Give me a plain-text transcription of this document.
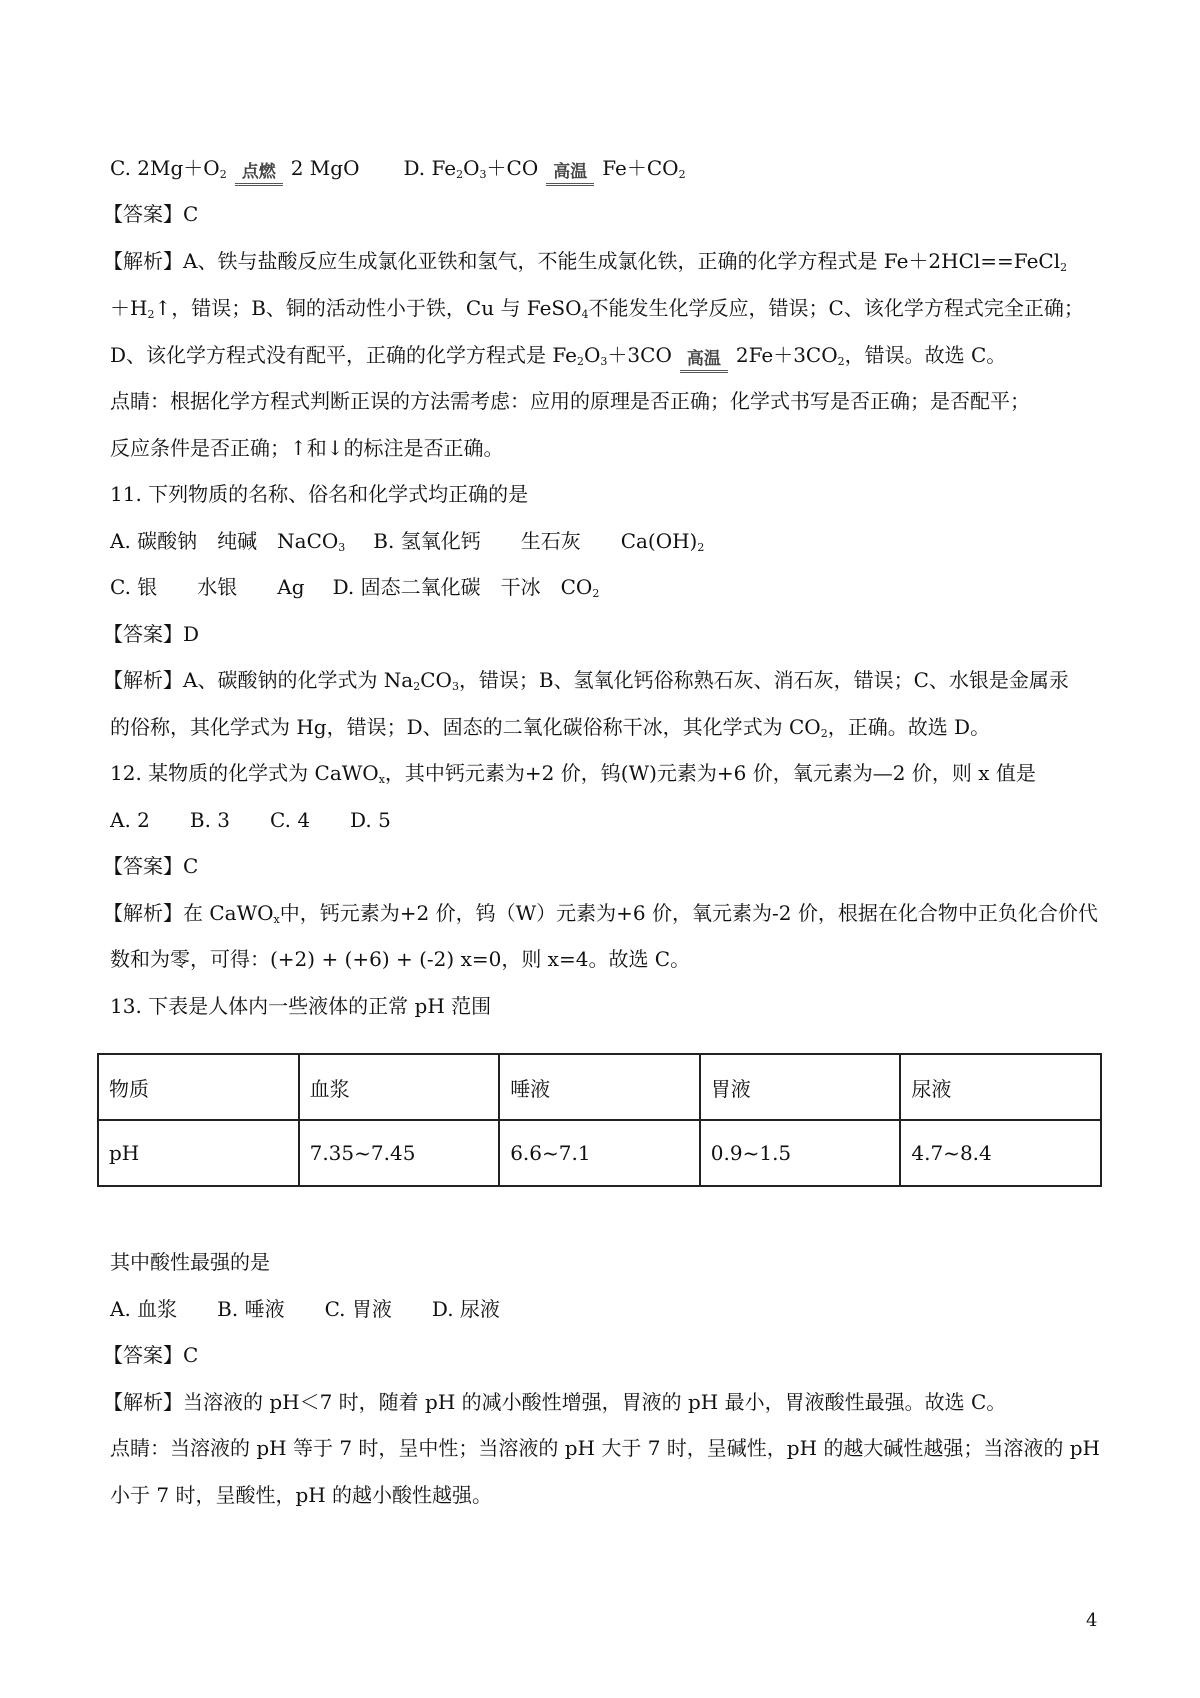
C. $2Mg+O_2$ 点燃 2 MgO D. $Fe_2O_3+CO$ 高温 $Fe+CO_2$
【答案】C
【解析】A、铁与盐酸反应生成氯化亚铁和氢气，不能生成氯化铁，正确的化学方程式是 Fe＋2HCl==FeCl$_2$
$+H_2↑$，错误；B、铜的活动性小于铁，Cu 与 FeSO$_4$不能发生化学反应，错误；C、该化学方程式完全正确；
D、该化学方程式没有配平，正确的化学方程式是 $Fe_2O_3+3CO$ 高温 $2Fe+3CO_2$，错误。故选 C。
点睛：根据化学方程式判断正误的方法需考虑：应用的原理是否正确；化学式书写是否正确；是否配平；
反应条件是否正确；↑和↓的标注是否正确。
11. 下列物质的名称、俗名和化学式均正确的是
A. 碳酸钠　纯碱　NaCO$_3$ B. 氢氧化钙　　生石灰　　$Ca(OH)_2$
C. 银　　水银　　Ag D. 固态二氧化碳　干冰　$CO_2$
【答案】D
【解析】A、碳酸钠的化学式为 $Na_2CO_3$，错误；B、氢氧化钙俗称熟石灰、消石灰，错误；C、水银是金属汞
的俗称，其化学式为 Hg，错误；D、固态的二氧化碳俗称干冰，其化学式为 $CO_2$，正确。故选 D。
12. 某物质的化学式为 CaWO$_x$，其中钙元素为+2 价，钨(W)元素为+6 价，氧元素为—2 价，则 x 值是
A. 2　　B. 3　　C. 4　　D. 5
【答案】C
【解析】在 CaWO$_x$中，钙元素为+2 价，钨（W）元素为+6 价，氧元素为-2 价，根据在化合物中正负化合价代
数和为零，可得：(+2) + (+6) + (-2) x=0，则 x=4。故选 C。
13. 下表是人体内一些液体的正常 pH 范围
物质	血浆	唾液	胃液	尿液
pH	7.35~7.45	6.6~7.1	0.9~1.5	4.7~8.4
其中酸性最强的是
A. 血浆　　B. 唾液　　C. 胃液　　D. 尿液
【答案】C
【解析】当溶液的 pH＜7 时，随着 pH 的减小酸性增强，胃液的 pH 最小，胃液酸性最强。故选 C。
点睛：当溶液的 pH 等于 7 时，呈中性；当溶液的 pH 大于 7 时，呈碱性，pH 的越大碱性越强；当溶液的 pH
小于 7 时，呈酸性，pH 的越小酸性越强。
4
